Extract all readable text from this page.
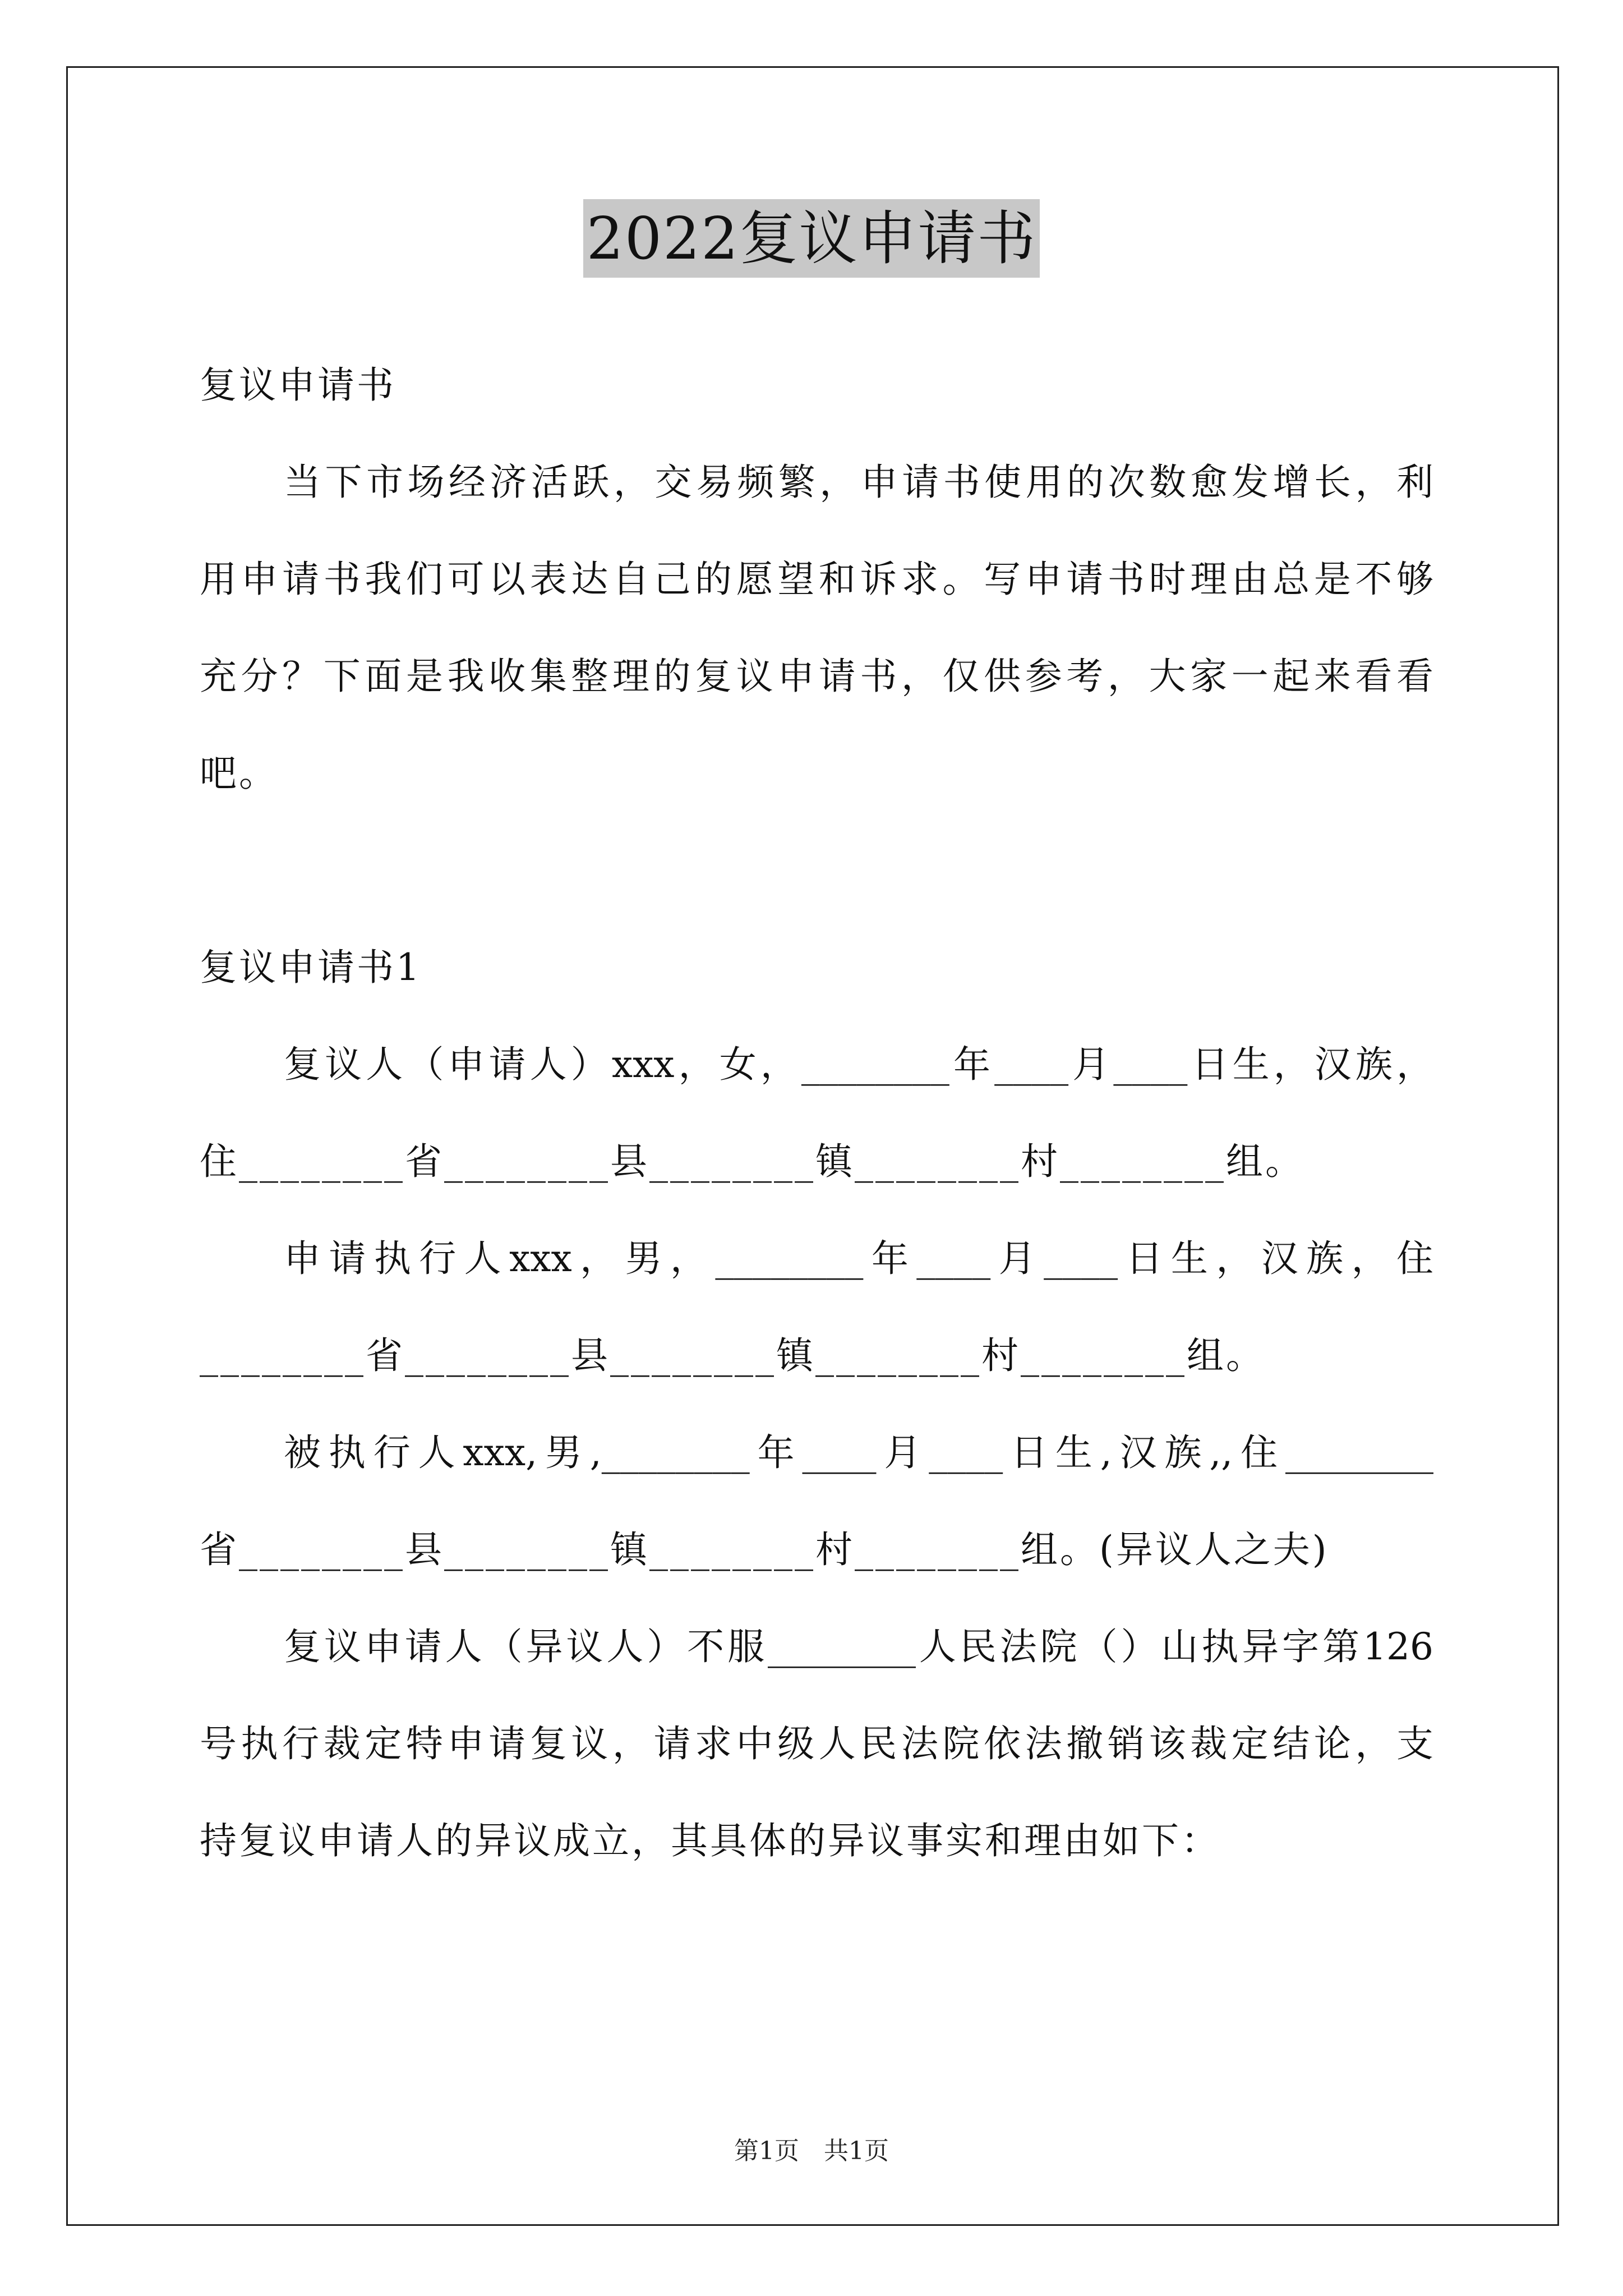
2022复议申请书
复议申请书
当下市场经济活跃，交易频繁，申请书使用的次数愈发增长，利
用申请书我们可以表达自己的愿望和诉求。写申请书时理由总是不够
充分？下面是我收集整理的复议申请书，仅供参考，大家一起来看看
吧。
复议申请书1
复议人（申请人）xxx，女，________年____月____日生，汉族，
住________省________县________镇________村________组。
申请执行人xxx，男，________年____月____日生，汉族，住
________省________县________镇________村________组。
被执行人xxx,男,________年____月____日生,汉族,,住________
省________县________镇________村________组。(异议人之夫)
复议申请人（异议人）不服________人民法院（）山执异字第126
号执行裁定特申请复议，请求中级人民法院依法撤销该裁定结论，支
持复议申请人的异议成立，其具体的异议事实和理由如下：
第1页　共1页
